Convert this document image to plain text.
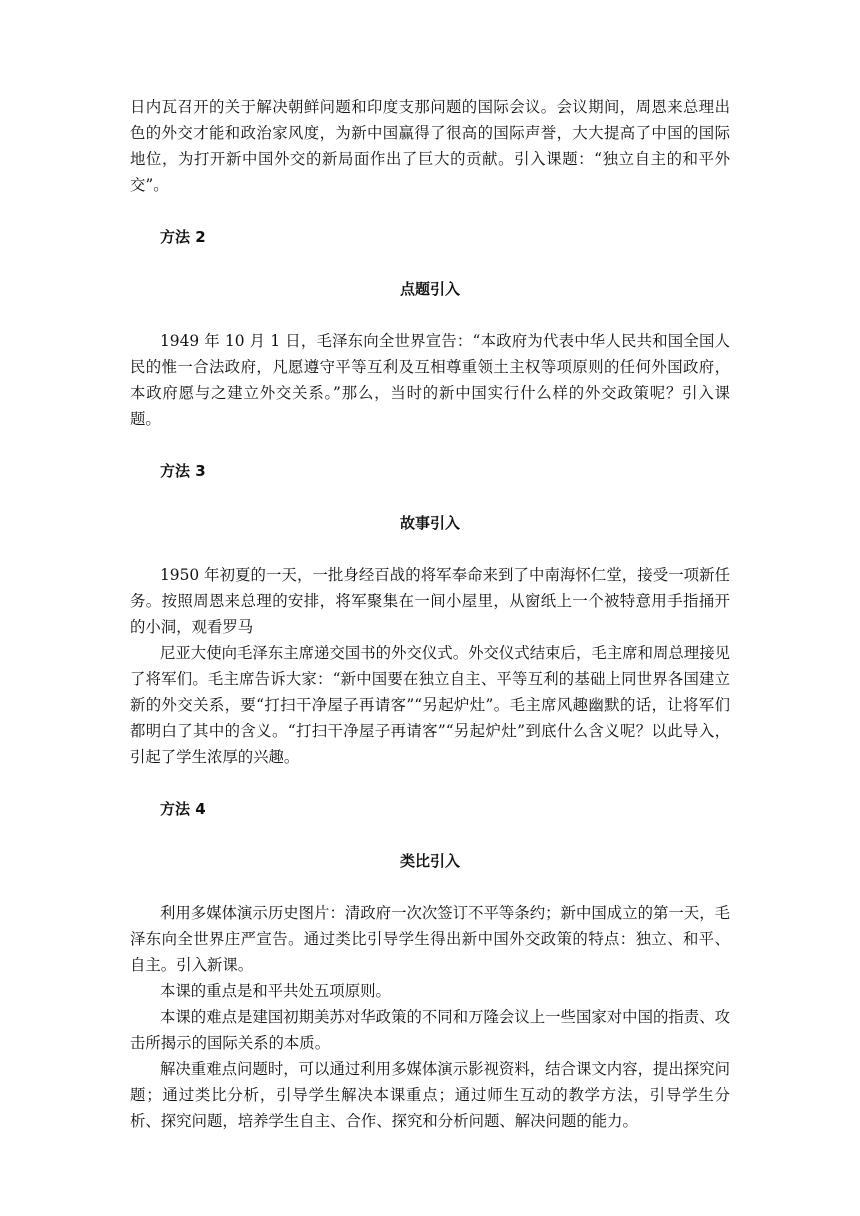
日内瓦召开的关于解决朝鲜问题和印度支那问题的国际会议。会议期间，周恩来总理出色的外交才能和政治家风度，为新中国赢得了很高的国际声誉，大大提高了中国的国际地位，为打开新中国外交的新局面作出了巨大的贡献。引入课题：“独立自主的和平外交”。

方法 2

点题引入

1949 年 10 月 1 日，毛泽东向全世界宣告：“本政府为代表中华人民共和国全国人民的惟一合法政府，凡愿遵守平等互利及互相尊重领土主权等项原则的任何外国政府，本政府愿与之建立外交关系。”那么，当时的新中国实行什么样的外交政策呢？引入课题。

方法 3

故事引入

1950 年初夏的一天，一批身经百战的将军奉命来到了中南海怀仁堂，接受一项新任务。按照周恩来总理的安排，将军聚集在一间小屋里，从窗纸上一个被特意用手指捅开的小洞，观看罗马

尼亚大使向毛泽东主席递交国书的外交仪式。外交仪式结束后，毛主席和周总理接见了将军们。毛主席告诉大家：“新中国要在独立自主、平等互利的基础上同世界各国建立新的外交关系，要“打扫干净屋子再请客”“另起炉灶”。毛主席风趣幽默的话，让将军们都明白了其中的含义。“打扫干净屋子再请客”“另起炉灶”到底什么含义呢？以此导入，引起了学生浓厚的兴趣。

方法 4

类比引入

利用多媒体演示历史图片：清政府一次次签订不平等条约；新中国成立的第一天，毛泽东向全世界庄严宣告。通过类比引导学生得出新中国外交政策的特点：独立、和平、自主。引入新课。

本课的重点是和平共处五项原则。

本课的难点是建国初期美苏对华政策的不同和万隆会议上一些国家对中国的指责、攻击所揭示的国际关系的本质。

解决重难点问题时，可以通过利用多媒体演示影视资料，结合课文内容，提出探究问题；通过类比分析，引导学生解决本课重点；通过师生互动的教学方法，引导学生分析、探究问题，培养学生自主、合作、探究和分析问题、解决问题的能力。
